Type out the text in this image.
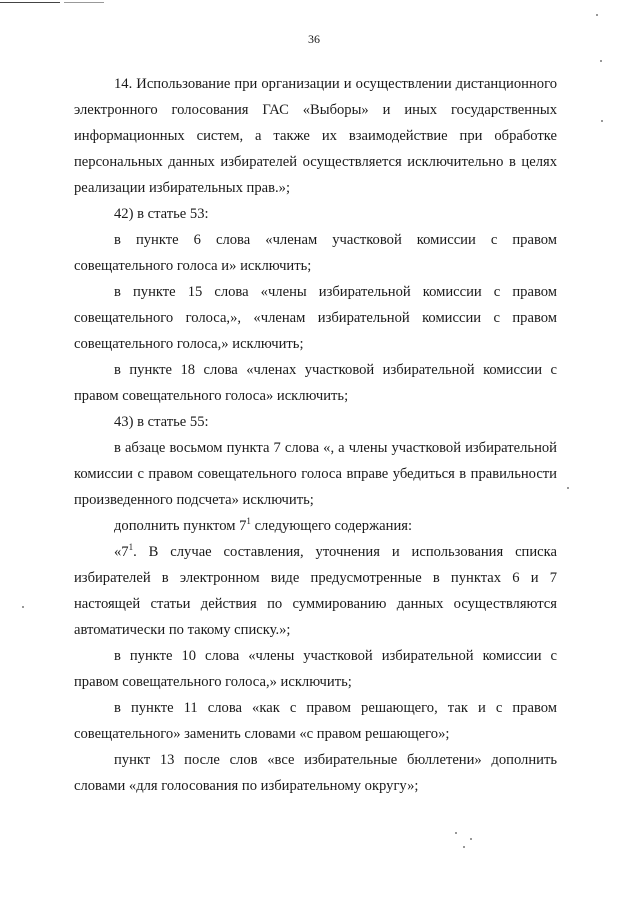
36

14. Использование при организации и осуществлении дистанционного электронного голосования ГАС «Выборы» и иных государственных информационных систем, а также их взаимодействие при обработке персональных данных избирателей осуществляется исключительно в целях реализации избирательных прав.»;

42) в статье 53:

в пункте 6 слова «членам участковой комиссии с правом совещательного голоса и» исключить;

в пункте 15 слова «члены избирательной комиссии с правом совещательного голоса,», «членам избирательной комиссии с правом совещательного голоса,» исключить;

в пункте 18 слова «членах участковой избирательной комиссии с правом совещательного голоса» исключить;

43) в статье 55:

в абзаце восьмом пункта 7 слова «, а члены участковой избирательной комиссии с правом совещательного голоса вправе убедиться в правильности произведенного подсчета» исключить;

дополнить пунктом $7^1$ следующего содержания:

«$7^1$. В случае составления, уточнения и использования списка избирателей в электронном виде предусмотренные в пунктах 6 и 7 настоящей статьи действия по суммированию данных осуществляются автоматически по такому списку.»;

в пункте 10 слова «члены участковой избирательной комиссии с правом совещательного голоса,» исключить;

в пункте 11 слова «как с правом решающего, так и с правом совещательного» заменить словами «с правом решающего»;

пункт 13 после слов «все избирательные бюллетени» дополнить словами «для голосования по избирательному округу»;
